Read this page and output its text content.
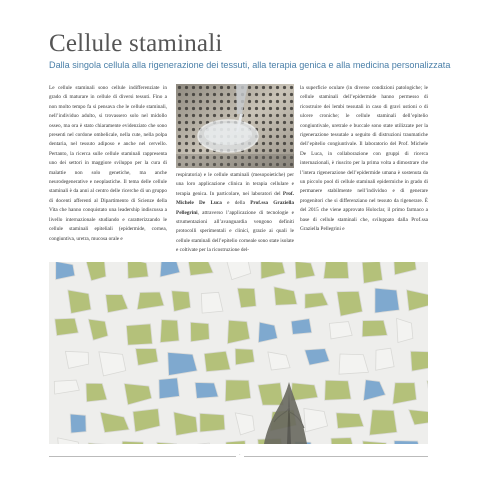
Cellule staminali
Dalla singola cellula alla rigenerazione dei tessuti, alla terapia genica e alla medicina personalizzata

Le cellule staminali sono cellule indifferenziate in grado di maturare in cellule di diversi tessuti. Fino a non molto tempo fa si pensava che le cellule staminali, nell’individuo adulto, si trovassero solo nel midollo osseo, ma ora è stato chiaramente evidenziato che sono presenti nel cordone ombelicale, nella cute, nella polpa dentaria, nel tessuto adiposo e anche nel cervello. Pertanto, la ricerca sulle cellule staminali rappresenta uno dei settori in maggiore sviluppo per la cura di malattie non solo genetiche, ma anche neurodegenerative e neoplastiche. Il tema delle cellule staminali è da anni al centro delle ricerche di un gruppo di docenti afferenti al Dipartimento di Scienze della Vita che hanno conquistato una leadership indiscussa a livello internazionale studiando e caratterizzando le cellule staminali epiteliali (epidermide, cornea, congiuntiva, uretra, mucosa orale e

respiratoria) e le cellule staminali (mesopoietiche) per una loro applicazione clinica in terapia cellulare e terapia genica. In particolare, nei laboratori del Prof. Michele De Luca e della Prof.ssa Graziella Pellegrini, attraverso l’applicazione di tecnologie e strumentazioni all’avanguardia vengono definiti protocolli sperimentali e clinici, grazie ai quali le cellule staminali dell’epitelio corneale sono state isolate e coltivate per la ricostruzione del-

la superficie oculare (in diverse condizioni patologiche; le cellule staminali dell’epidermide hanno permesso di ricostruire dei lembi tessutali in caso di gravi ustioni o di ulcere croniche; le cellule staminali dell’epitelio congiuntivale, uretrale e buccale sono state utilizzate per la rigenerazione tessutale a seguito di distruzioni traumatiche dell’epitelio congiuntivale. Il laboratorio del Prof. Michele De Luca, in collaborazione con gruppi di ricerca internazionali, è riuscito per la prima volta a dimostrare che l’intera rigenerazione dell’epidermide umana è sostenuta da un piccolo pool di cellule staminali epidermiche in grado di permanere stabilmente nell’individuo e di generare progenitori che si differenziano nel tessuto da rigenerare. È del 2015 che viene approvato Holoclar, il primo farmaco a base di cellule staminali che, sviluppato dalla Prof.ssa Graziella Pellegrini e

·
